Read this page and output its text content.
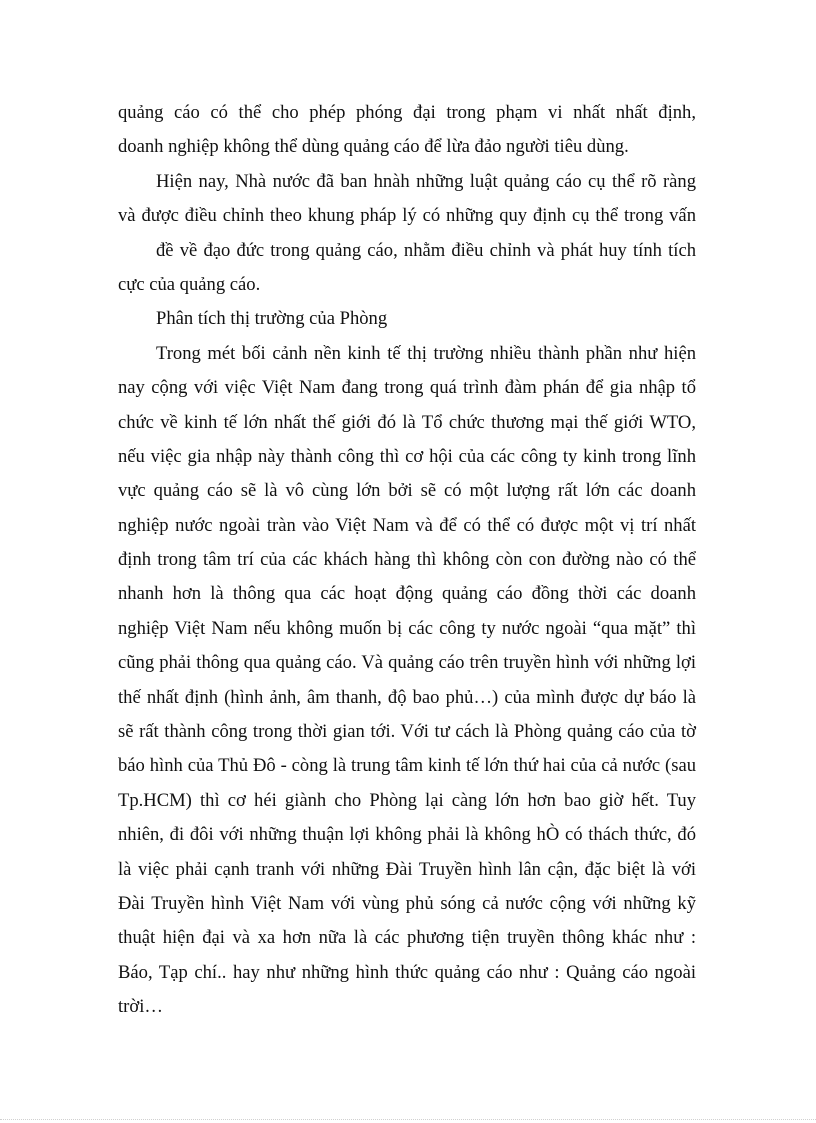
quảng cáo có thể cho phép phóng đại trong phạm vi nhất nhất định,
doanh nghiệp không thể dùng quảng cáo để lừa đảo người tiêu dùng.
Hiện nay, Nhà nước đã ban hnàh những luật quảng cáo cụ thể rõ ràng
và được điều chỉnh theo khung pháp lý có những quy định cụ thể trong vấn
đề về đạo đức trong quảng cáo, nhằm điều chỉnh và phát huy tính tích
cực của quảng cáo.
Phân tích thị trường của Phòng
Trong mét bối cảnh nền kinh tế thị trường nhiều thành phần như hiện
nay cộng với việc Việt Nam đang trong quá trình đàm phán để gia nhập tổ
chức về kinh tế lớn nhất thế giới đó là Tổ chức thương mại thế giới WTO,
nếu việc gia nhập này thành công thì cơ hội của các công ty kinh trong lĩnh
vực quảng cáo sẽ là vô cùng lớn bởi sẽ có một lượng rất lớn các doanh
nghiệp nước ngoài tràn vào Việt Nam và để có thể có được một vị trí nhất
định trong tâm trí của các khách hàng thì không còn con đường nào có thể
nhanh hơn là thông qua các hoạt động quảng cáo đồng thời các doanh
nghiệp Việt Nam nếu không muốn bị các công ty nước ngoài “qua mặt” thì
cũng phải thông qua quảng cáo. Và quảng cáo trên truyền hình với những lợi
thế nhất định (hình ảnh, âm thanh, độ bao phủ…) của mình được dự báo là
sẽ rất thành công trong thời gian tới. Với tư cách là Phòng quảng cáo của tờ
báo hình của Thủ Đô - còng là trung tâm kinh tế lớn thứ hai của cả nước (sau
Tp.HCM) thì cơ héi giành cho Phòng lại càng lớn hơn bao giờ hết. Tuy
nhiên, đi đôi với những thuận lợi không phải là không hÒ có thách thức, đó
là việc phải cạnh tranh với những Đài Truyền hình lân cận, đặc biệt là với
Đài Truyền hình Việt Nam với vùng phủ sóng cả nước cộng với những kỹ
thuật hiện đại và xa hơn nữa là các phương tiện truyền thông khác như :
Báo, Tạp chí.. hay như những hình thức quảng cáo như : Quảng cáo ngoài
trời…
